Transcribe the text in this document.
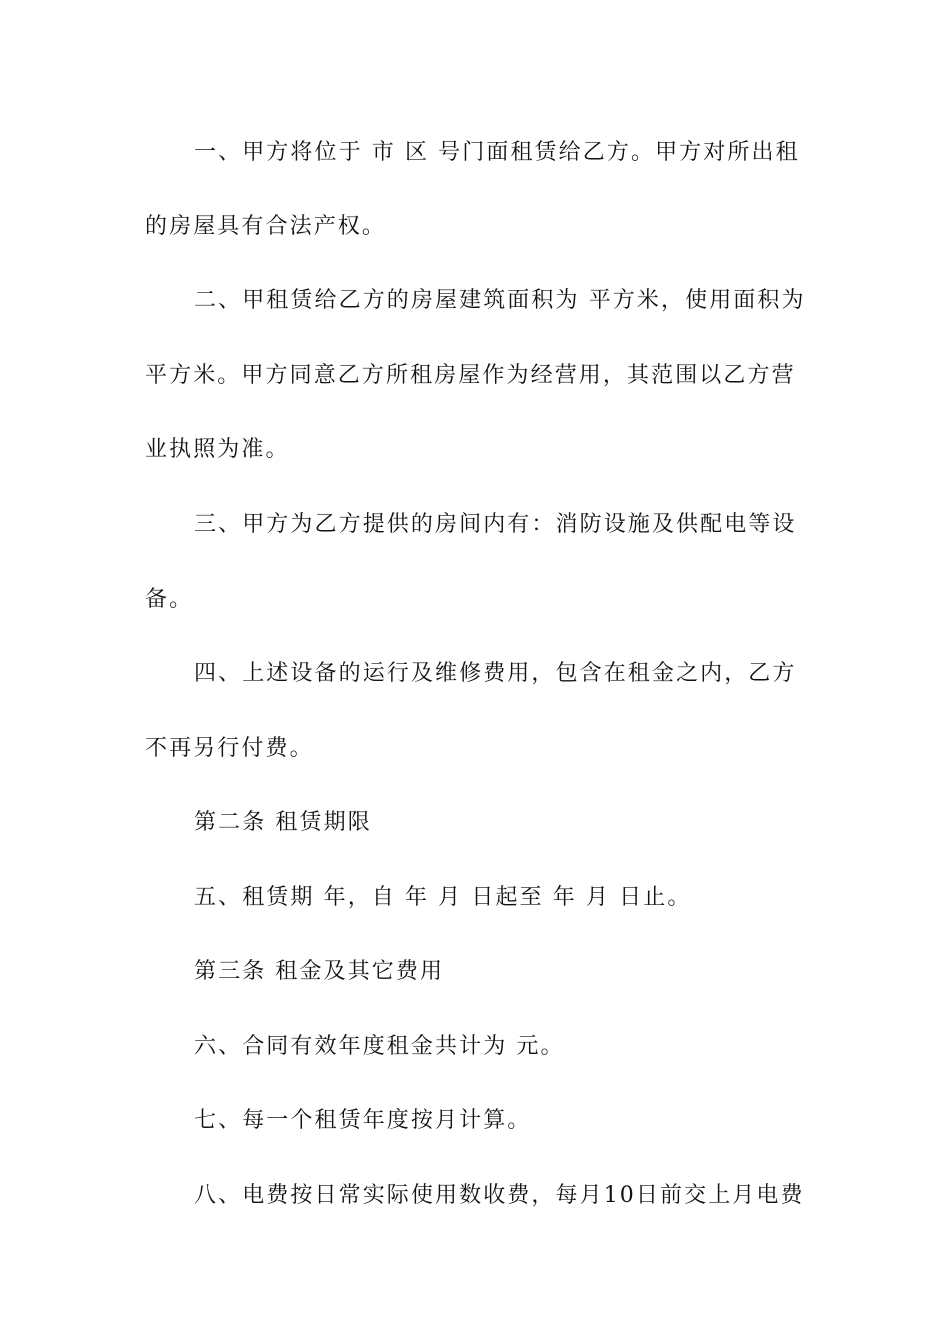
一、甲方将位于 市 区 号门面租赁给乙方。甲方对所出租
的房屋具有合法产权。
二、甲租赁给乙方的房屋建筑面积为 平方米，使用面积为
平方米。甲方同意乙方所租房屋作为经营用，其范围以乙方营
业执照为准。
三、甲方为乙方提供的房间内有：消防设施及供配电等设
备。
四、上述设备的运行及维修费用，包含在租金之内，乙方
不再另行付费。
第二条 租赁期限
五、租赁期 年，自 年 月 日起至 年 月 日止。
第三条 租金及其它费用
六、合同有效年度租金共计为 元。
七、每一个租赁年度按月计算。
八、电费按日常实际使用数收费，每月10日前交上月电费
